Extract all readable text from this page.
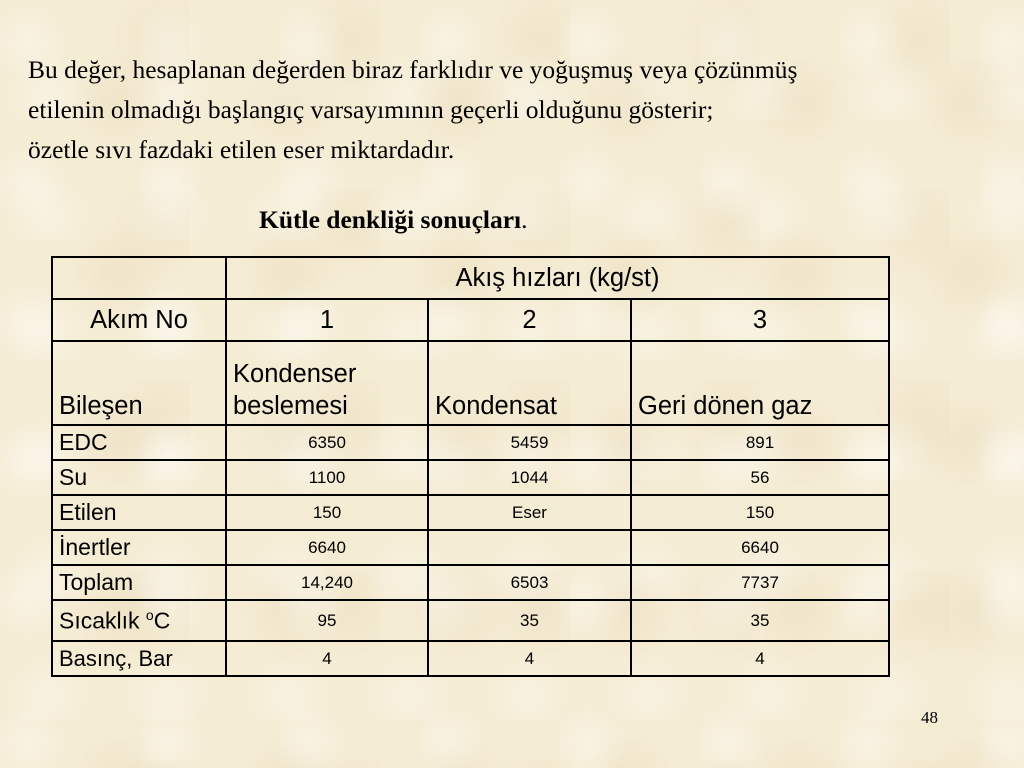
Bu değer, hesaplanan değerden biraz farklıdır ve yoğuşmuş veya çözünmüş
etilenin olmadığı başlangıç varsayımının geçerli olduğunu gösterir;
özetle sıvı fazdaki etilen eser miktardadır.
Kütle denkliği sonuçları.
	Akış hızları (kg/st)		
Akım No	1	2	3
Bileşen	Kondenser beslemesi	Kondensat	Geri dönen gaz
EDC	6350	5459	891
Su	1100	1044	56
Etilen	150	Eser	150
İnertler	6640		6640
Toplam	14,240	6503	7737
Sıcaklık $^o$C	95	35	35
Basınç, Bar	4	4	4
48
